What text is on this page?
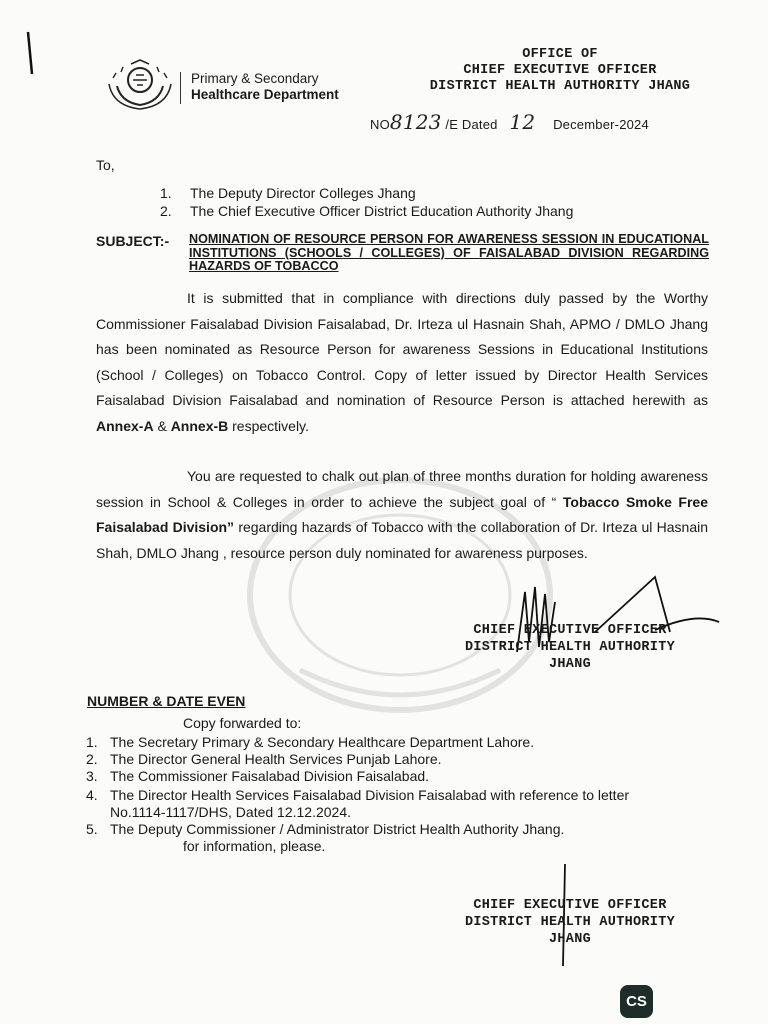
Primary & Secondary
Healthcare Department
OFFICE OF
CHIEF EXECUTIVE OFFICER
DISTRICT HEALTH AUTHORITY JHANG
NO8123 /E Dated 12 December-2024
To,
1. The Deputy Director Colleges Jhang
2. The Chief Executive Officer District Education Authority Jhang
SUBJECT:- NOMINATION OF RESOURCE PERSON FOR AWARENESS SESSION IN EDUCATIONAL INSTITUTIONS (SCHOOLS / COLLEGES) OF FAISALABAD DIVISION REGARDING HAZARDS OF TOBACCO
It is submitted that in compliance with directions duly passed by the Worthy Commissioner Faisalabad Division Faisalabad, Dr. Irteza ul Hasnain Shah, APMO / DMLO Jhang has been nominated as Resource Person for awareness Sessions in Educational Institutions (School / Colleges) on Tobacco Control. Copy of letter issued by Director Health Services Faisalabad Division Faisalabad and nomination of Resource Person is attached herewith as Annex-A & Annex-B respectively.
You are requested to chalk out plan of three months duration for holding awareness session in School & Colleges in order to achieve the subject goal of “ Tobacco Smoke Free Faisalabad Division” regarding hazards of Tobacco with the collaboration of Dr. Irteza ul Hasnain Shah, DMLO Jhang , resource person duly nominated for awareness purposes.
CHIEF EXECUTIVE OFFICER
DISTRICT HEALTH AUTHORITY
JHANG
NUMBER & DATE EVEN
Copy forwarded to:
1. The Secretary Primary & Secondary Healthcare Department Lahore.
2. The Director General Health Services Punjab Lahore.
3. The Commissioner Faisalabad Division Faisalabad.
4. The Director Health Services Faisalabad Division Faisalabad with reference to letter
No.1114-1117/DHS, Dated 12.12.2024.
5. The Deputy Commissioner / Administrator District Health Authority Jhang.
for information, please.
CHIEF EXECUTIVE OFFICER
DISTRICT HEALTH AUTHORITY
JHANG
CS
